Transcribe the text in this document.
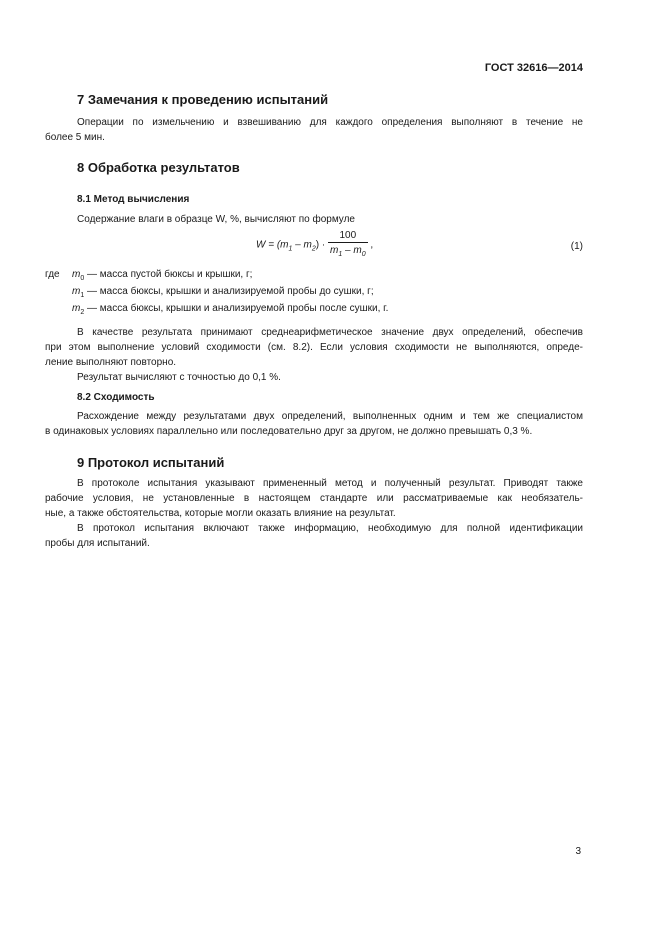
ГОСТ 32616—2014
7 Замечания к проведению испытаний
Операции по измельчению и взвешиванию для каждого определения выполняют в течение не
более 5 мин.
8 Обработка результатов
8.1 Метод вычисления
Содержание влаги в образце W, %, вычисляют по формуле
$W = (m_1 - m_2) \cdot \frac{100}{m_1 - m_0}$ ,	(1)
где $m_0$ — масса пустой бюксы и крышки, г;
$m_1$ — масса бюксы, крышки и анализируемой пробы до сушки, г;
$m_2$ — масса бюксы, крышки и анализируемой пробы после сушки, г.
В качестве результата принимают среднеарифметическое значение двух определений, обеспечив
при этом выполнение условий сходимости (см. 8.2). Если условия сходимости не выполняются, опреде-
ление выполняют повторно.
Результат вычисляют с точностью до 0,1 %.
8.2 Сходимость
Расхождение между результатами двух определений, выполненных одним и тем же специалистом
в одинаковых условиях параллельно или последовательно друг за другом, не должно превышать 0,3 %.
9 Протокол испытаний
В протоколе испытания указывают примененный метод и полученный результат. Приводят также
рабочие условия, не установленные в настоящем стандарте или рассматриваемые как необязатель-
ные, а также обстоятельства, которые могли оказать влияние на результат.
В протокол испытания включают также информацию, необходимую для полной идентификации
пробы для испытаний.
3
